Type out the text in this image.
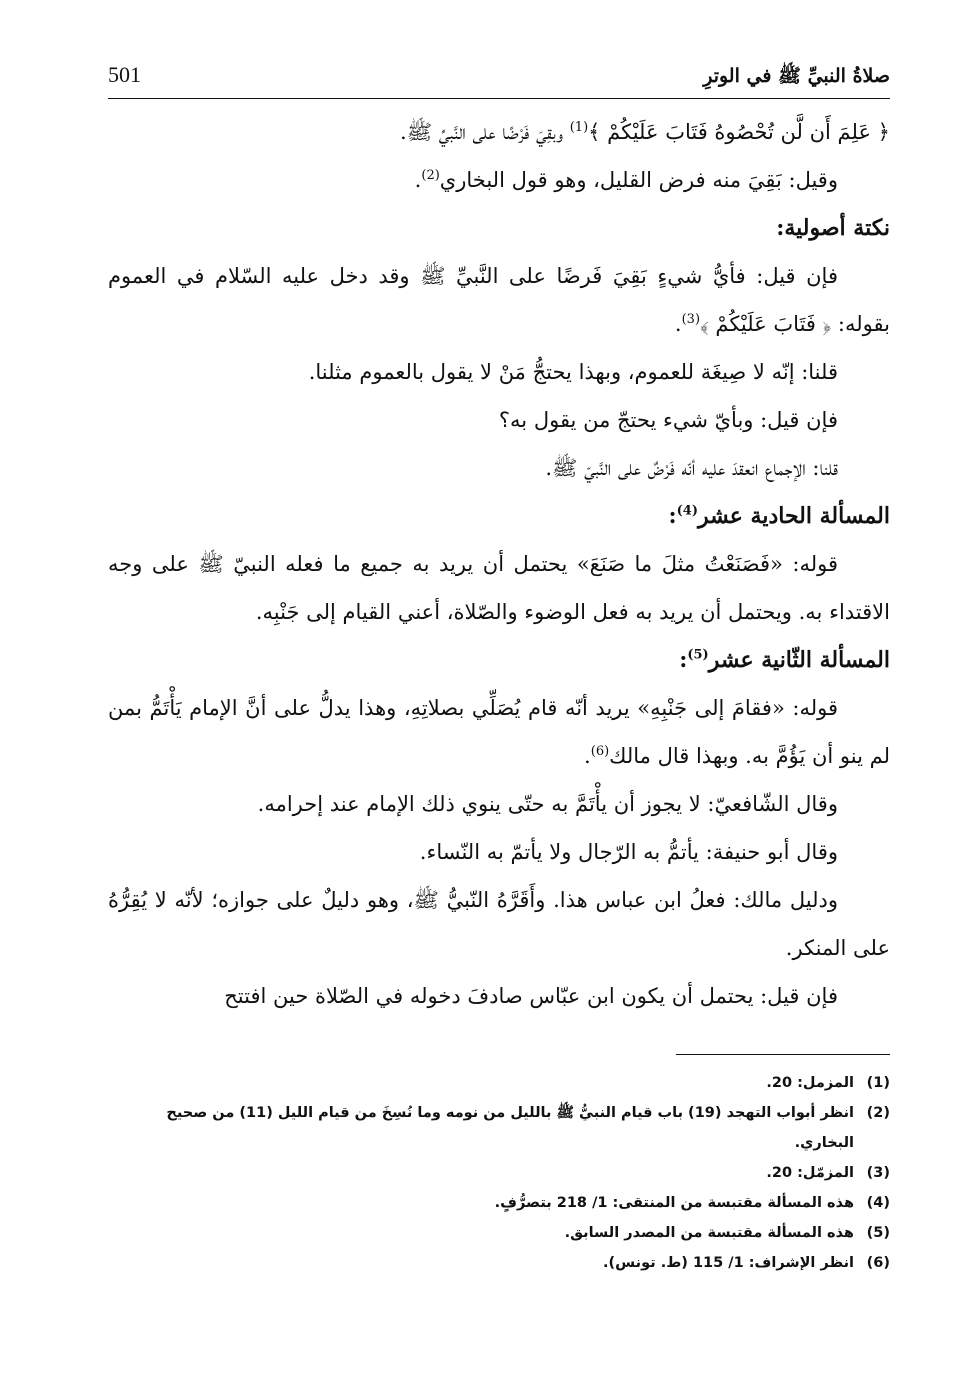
صلاةُ النبيِّ ﷺ في الوترِ
501

﴿ عَلِمَ أَن لَّن تُحْصُوهُ فَتَابَ عَلَيْكُمْ ﴾$^{(1)}$ وبقِيَ فَرْضًا على النَّبيِّ ﷺ.

وقيل: بَقِيَ منه فرض القليل، وهو قول البخاري$^{(2)}$.

نكتة أصولية:

فإن قيل: فأيُّ شيءٍ بَقِيَ فَرضًا على النَّبيِّ ﷺ وقد دخل عليه السّلام في العموم بقوله: ﴿ فَتَابَ عَلَيْكُمْ ﴾$^{(3)}$.

قلنا: إنّه لا صِيغَة للعموم، وبهذا يحتجُّ مَنْ لا يقول بالعموم مثلنا.

فإن قيل: وبأيّ شيء يحتجّ من يقول به؟

قلنا: الإجماع انعقدَ عليه أنّه فَرْضٌ على النَّبيّ ﷺ.

المسألة الحادية عشر$^{(4)}$:

قوله: «فَصَنَعْتُ مثلَ ما صَنَعَ» يحتمل أن يريد به جميع ما فعله النبيّ ﷺ على وجه الاقتداء به. ويحتمل أن يريد به فعل الوضوء والصّلاة، أعني القيام إلى جَنْبِه.

المسألة الثّانية عشر$^{(5)}$:

قوله: «فقامَ إلى جَنْبِهِ» يريد أنّه قام يُصَلِّي بصلاتِهِ، وهذا يدلُّ على أنَّ الإمام يَأْتَمُّ بمن لم ينو أن يَؤُمَّ به. وبهذا قال مالك$^{(6)}$.

وقال الشّافعيّ: لا يجوز أن يأْتَمَّ به حتّى ينوي ذلك الإمام عند إحرامه.

وقال أبو حنيفة: يأتمُّ به الرّجال ولا يأتمّ به النّساء.

ودليل مالك: فعلُ ابن عباس هذا. وأَقَرَّهُ النّبيُّ ﷺ، وهو دليلٌ على جوازه؛ لأنّه لا يُقِرُّهُ على المنكر.

فإن قيل: يحتمل أن يكون ابن عبّاس صادفَ دخوله في الصّلاة حين افتتح

(1)
المزمل: 20.
(2)
انظر أبواب التهجد (19) باب قيام النبيُّ ﷺ بالليل من نومه وما نُسِخَ من قيام الليل (11) من صحيح البخاري.
(3)
المزمّل: 20.
(4)
هذه المسألة مقتبسة من المنتقى: 1/ 218 بتصرُّفٍ.
(5)
هذه المسألة مقتبسة من المصدر السابق.
(6)
انظر الإشراف: 1/ 115 (ط. تونس).
